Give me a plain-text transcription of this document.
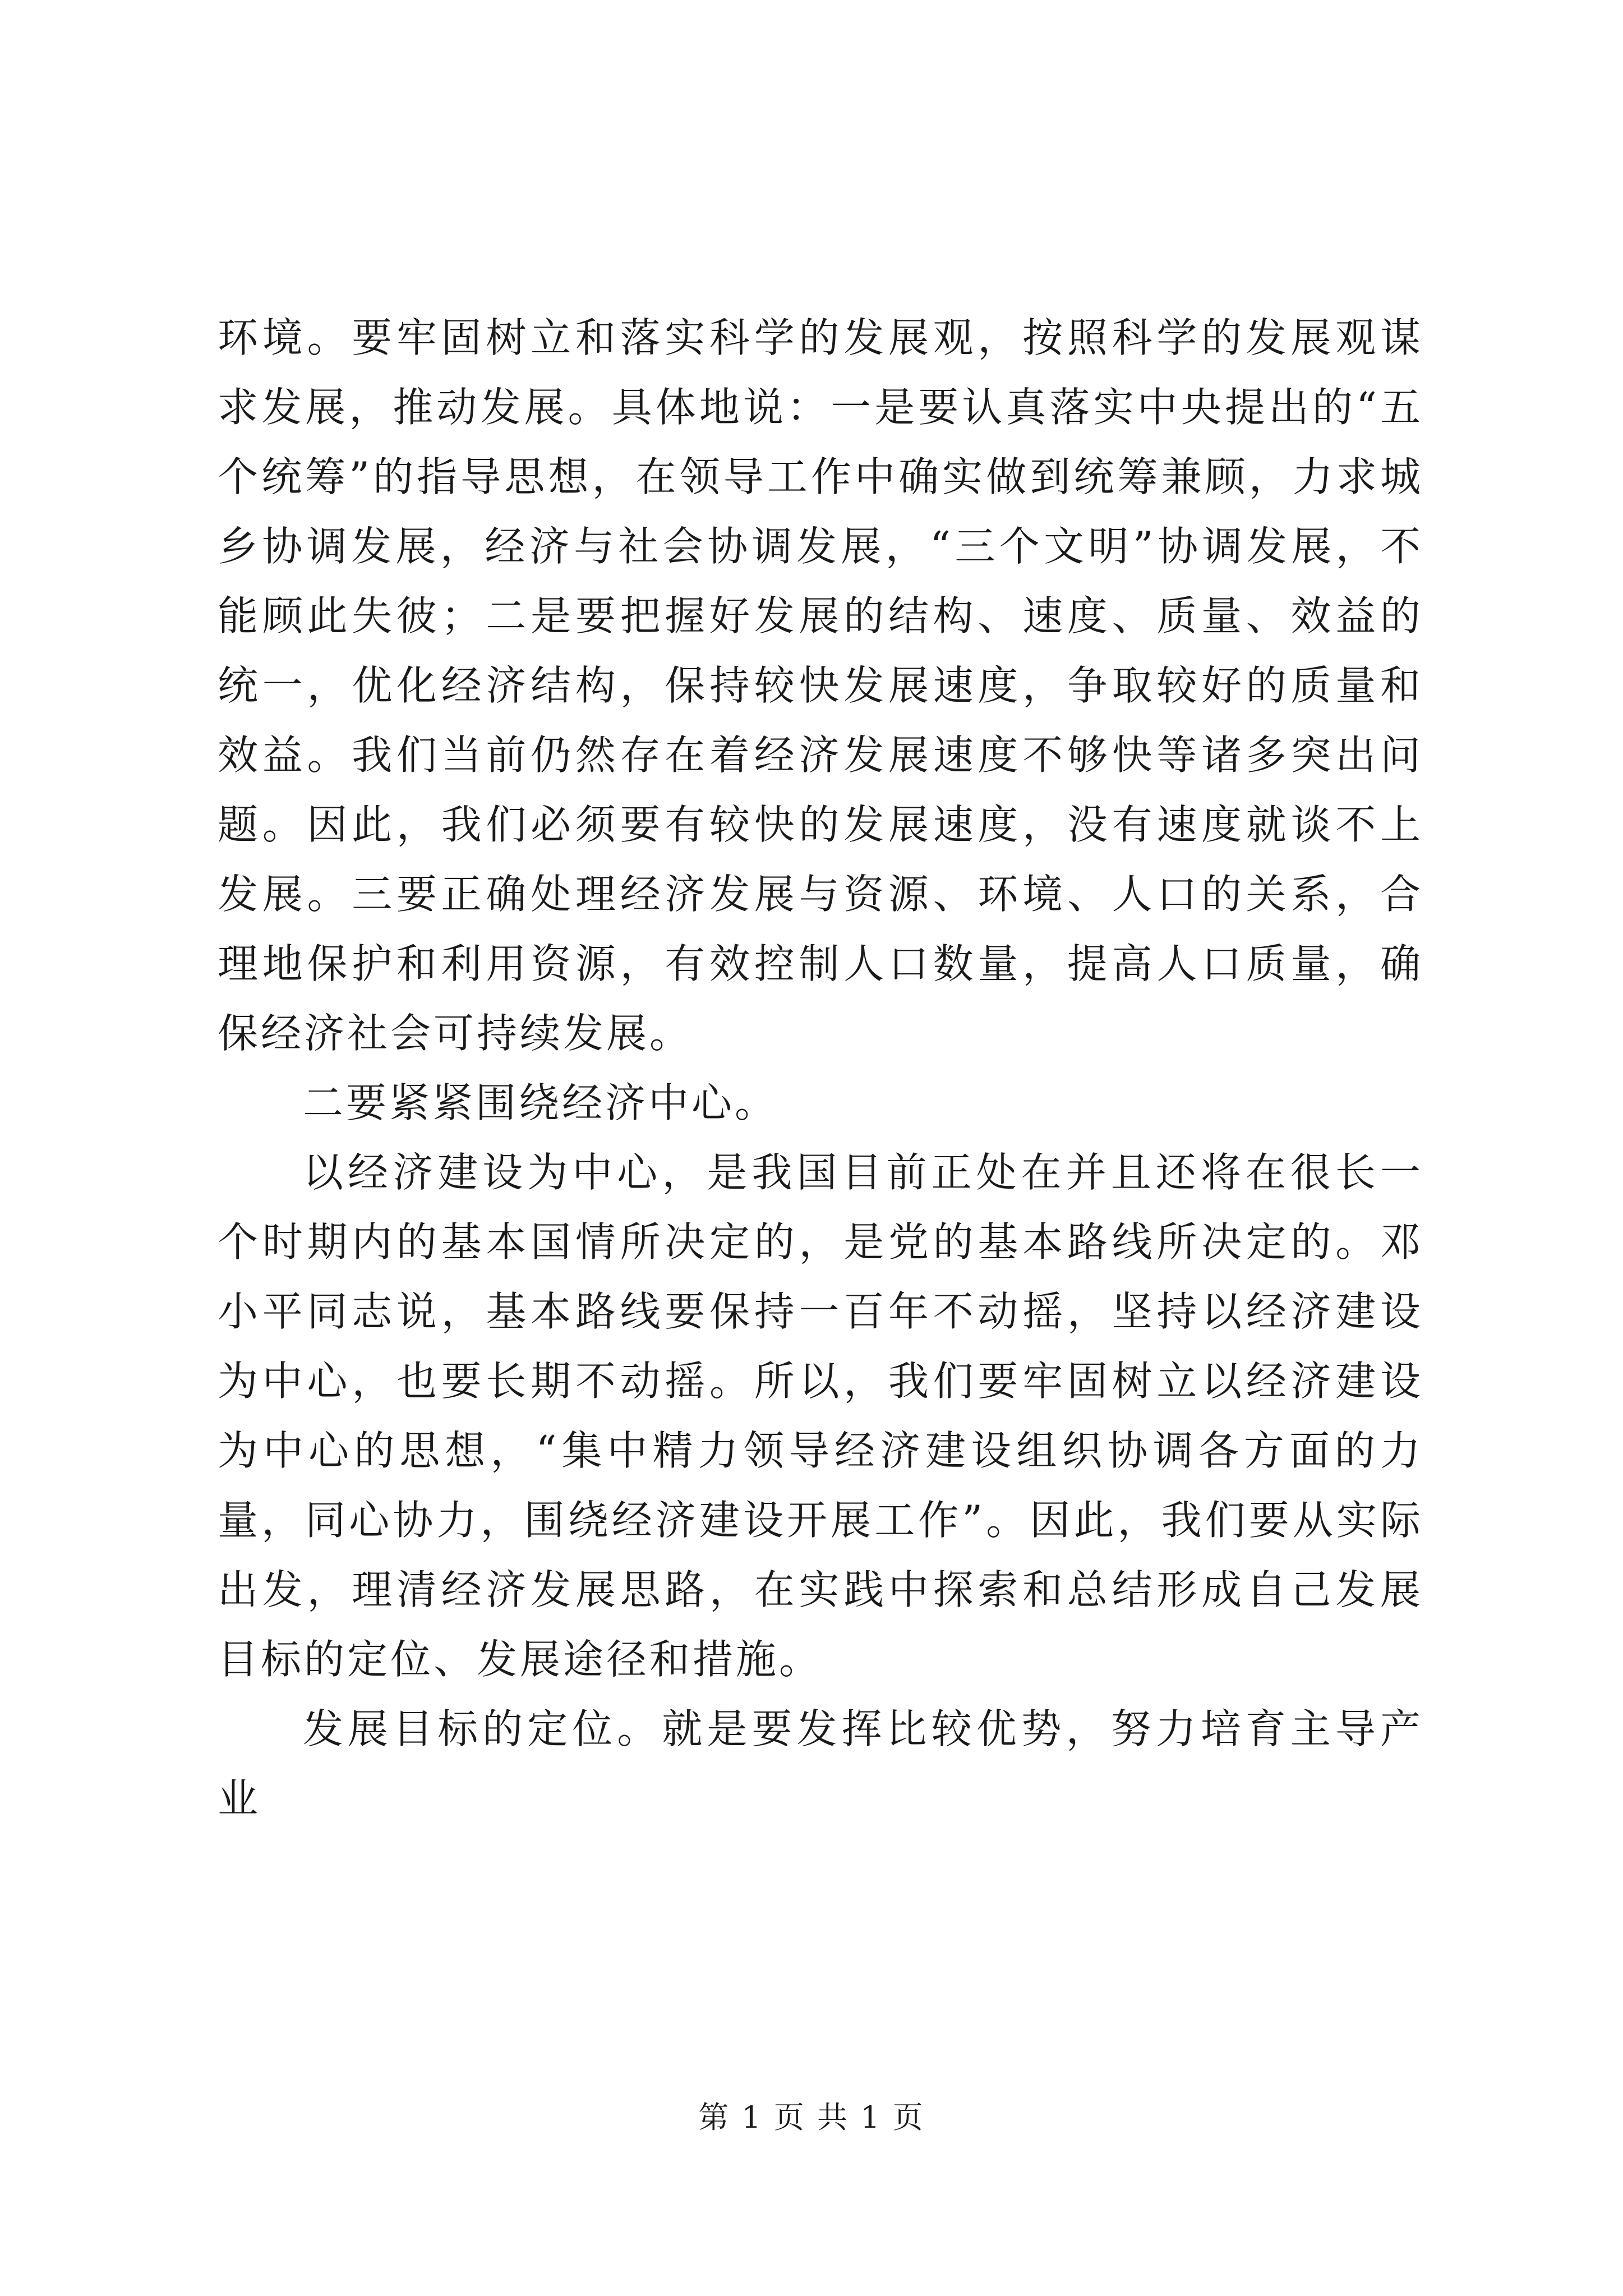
环境。要牢固树立和落实科学的发展观，按照科学的发展观谋求发展，推动发展。具体地说：一是要认真落实中央提出的“五个统筹”的指导思想，在领导工作中确实做到统筹兼顾，力求城乡协调发展，经济与社会协调发展，“三个文明”协调发展，不能顾此失彼；二是要把握好发展的结构、速度、质量、效益的统一，优化经济结构，保持较快发展速度，争取较好的质量和效益。我们当前仍然存在着经济发展速度不够快等诸多突出问题。因此，我们必须要有较快的发展速度，没有速度就谈不上发展。三要正确处理经济发展与资源、环境、人口的关系，合理地保护和利用资源，有效控制人口数量，提高人口质量，确保经济社会可持续发展。

二要紧紧围绕经济中心。

以经济建设为中心，是我国目前正处在并且还将在很长一个时期内的基本国情所决定的，是党的基本路线所决定的。邓小平同志说，基本路线要保持一百年不动摇，坚持以经济建设为中心，也要长期不动摇。所以，我们要牢固树立以经济建设为中心的思想，“集中精力领导经济建设组织协调各方面的力量，同心协力，围绕经济建设开展工作”。因此，我们要从实际出发，理清经济发展思路，在实践中探索和总结形成自己发展目标的定位、发展途径和措施。

发展目标的定位。就是要发挥比较优势，努力培育主导产业

第 1 页 共 1 页
